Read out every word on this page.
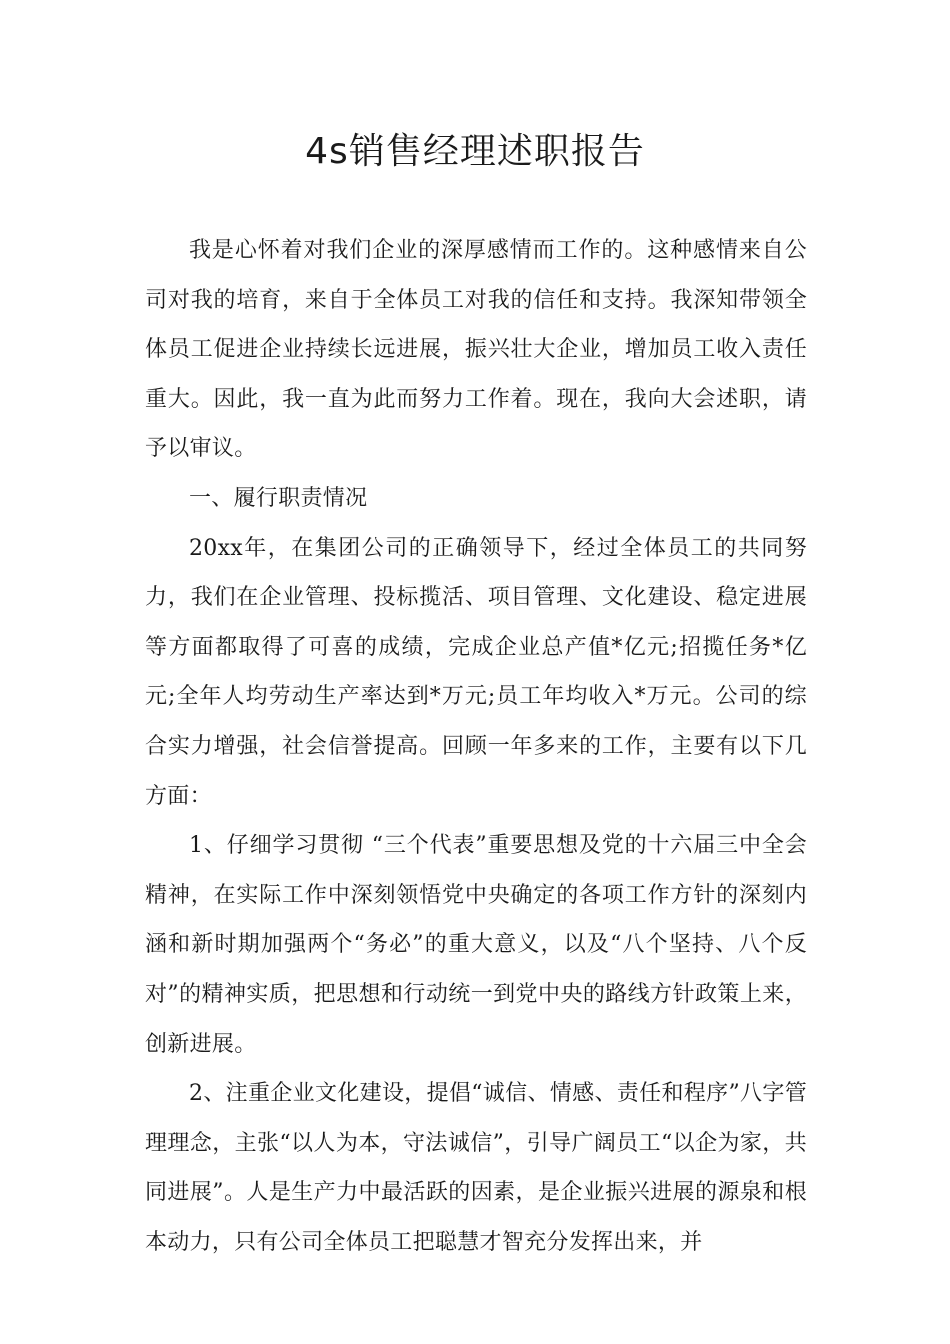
4s销售经理述职报告

我是心怀着对我们企业的深厚感情而工作的。这种感情来自公司对我的培育，来自于全体员工对我的信任和支持。我深知带领全体员工促进企业持续长远进展，振兴壮大企业，增加员工收入责任重大。因此，我一直为此而努力工作着。现在，我向大会述职，请予以审议。

一、履行职责情况

20xx年，在集团公司的正确领导下，经过全体员工的共同努力，我们在企业管理、投标揽活、项目管理、文化建设、稳定进展等方面都取得了可喜的成绩，完成企业总产值*亿元;招揽任务*亿元;全年人均劳动生产率达到*万元;员工年均收入*万元。公司的综合实力增强，社会信誉提高。回顾一年多来的工作，主要有以下几方面：

1、仔细学习贯彻 “三个代表”重要思想及党的十六届三中全会精神，在实际工作中深刻领悟党中央确定的各项工作方针的深刻内涵和新时期加强两个“务必”的重大意义，以及“八个坚持、八个反对”的精神实质，把思想和行动统一到党中央的路线方针政策上来，创新进展。

2、注重企业文化建设，提倡“诚信、情感、责任和程序”八字管理理念，主张“以人为本，守法诚信”，引导广阔员工“以企为家，共同进展”。人是生产力中最活跃的因素，是企业振兴进展的源泉和根本动力，只有公司全体员工把聪慧才智充分发挥出来，并
